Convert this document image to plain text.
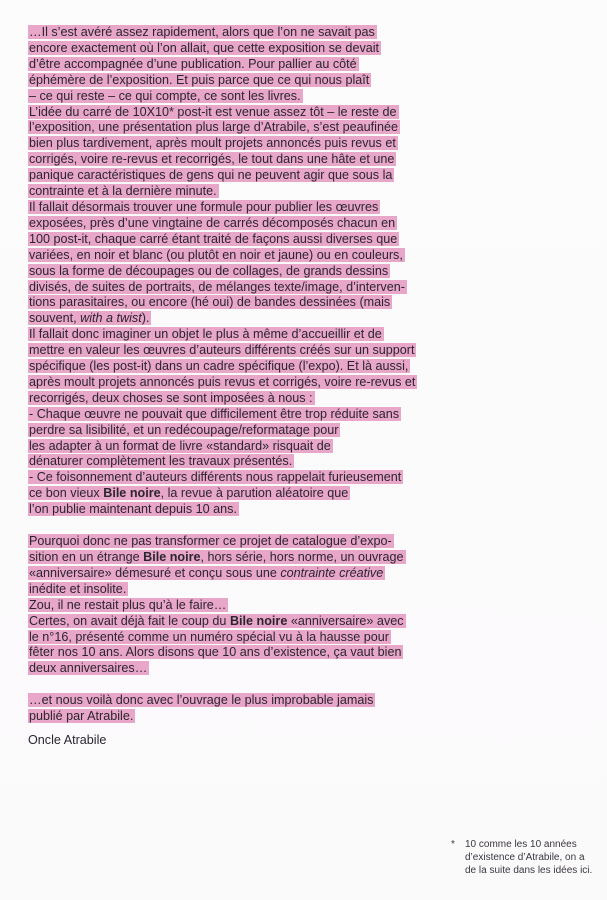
…Il s’est avéré assez rapidement, alors que l’on ne savait pas
encore exactement où l’on allait, que cette exposition se devait
d’être accompagnée d’une publication. Pour pallier au côté
éphémère de l’exposition. Et puis parce que ce qui nous plaît
– ce qui reste – ce qui compte, ce sont les livres.
L’idée du carré de 10X10* post-it est venue assez tôt – le reste de
l’exposition, une présentation plus large d’Atrabile, s’est peaufinée
bien plus tardivement, après moult projets annoncés puis revus et
corrigés, voire re-revus et recorrigés, le tout dans une hâte et une
panique caractéristiques de gens qui ne peuvent agir que sous la
contrainte et à la dernière minute.
Il fallait désormais trouver une formule pour publier les œuvres
exposées, près d’une vingtaine de carrés décomposés chacun en
100 post-it, chaque carré étant traité de façons aussi diverses que
variées, en noir et blanc (ou plutôt en noir et jaune) ou en couleurs,
sous la forme de découpages ou de collages, de grands dessins
divisés, de suites de portraits, de mélanges texte/image, d’interven-
tions parasitaires, ou encore (hé oui) de bandes dessinées (mais
souvent, with a twist).
Il fallait donc imaginer un objet le plus à même d’accueillir et de
mettre en valeur les œuvres d’auteurs différents créés sur un support
spécifique (les post-it) dans un cadre spécifique (l’expo). Et là aussi,
après moult projets annoncés puis revus et corrigés, voire re-revus et
recorrigés, deux choses se sont imposées à nous :
- Chaque œuvre ne pouvait que difficilement être trop réduite sans
perdre sa lisibilité, et un redécoupage/reformatage pour
les adapter à un format de livre «standard» risquait de
dénaturer complètement les travaux présentés.
- Ce foisonnement d’auteurs différents nous rappelait furieusement
ce bon vieux Bile noire, la revue à parution aléatoire que
l’on publie maintenant depuis 10 ans.

Pourquoi donc ne pas transformer ce projet de catalogue d’expo-
sition en un étrange Bile noire, hors série, hors norme, un ouvrage
«anniversaire» démesuré et conçu sous une contrainte créative
inédite et insolite.
Zou, il ne restait plus qu’à le faire…
Certes, on avait déjà fait le coup du Bile noire «anniversaire» avec
le n°16, présenté comme un numéro spécial vu à la hausse pour
fêter nos 10 ans. Alors disons que 10 ans d’existence, ça vaut bien
deux anniversaires…

…et nous voilà donc avec l’ouvrage le plus improbable jamais
publié par Atrabile.

Oncle Atrabile
*	10 comme les 10 années
d’existence d’Atrabile, on a
de la suite dans les idées ici.
